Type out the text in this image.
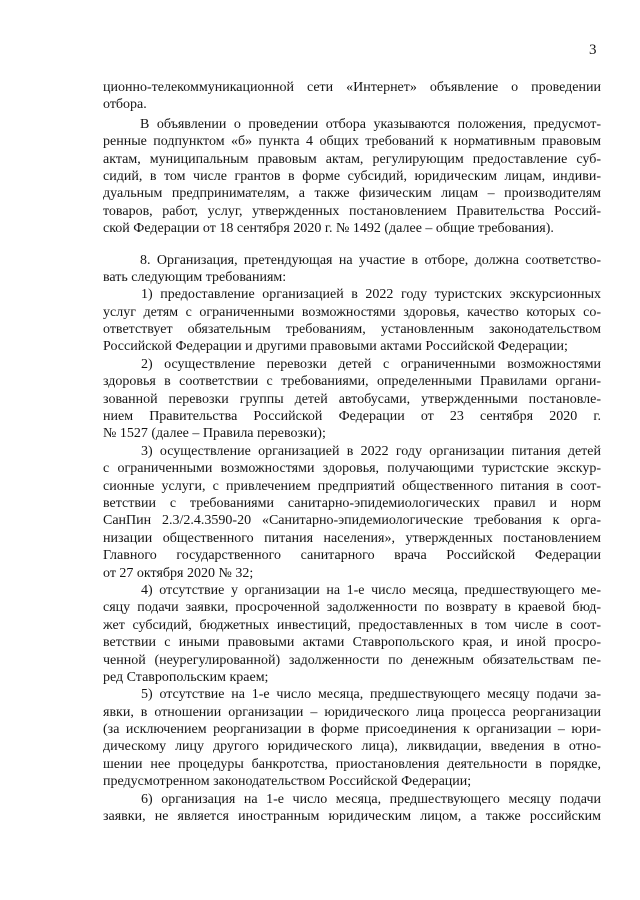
3
ционно-телекоммуникационной сети «Интернет» объявление о проведении
отбора.
В объявлении о проведении отбора указываются положения, предусмот-
ренные подпунктом «б» пункта 4 общих требований к нормативным правовым
актам, муниципальным правовым актам, регулирующим предоставление суб-
сидий, в том числе грантов в форме субсидий, юридическим лицам, индиви-
дуальным предпринимателям, а также физическим лицам – производителям
товаров, работ, услуг, утвержденных постановлением Правительства Россий-
ской Федерации от 18 сентября 2020 г. № 1492 (далее – общие требования).
8. Организация, претендующая на участие в отборе, должна соответство-
вать следующим требованиям:
1) предоставление организацией в 2022 году туристских экскурсионных
услуг детям с ограниченными возможностями здоровья, качество которых со-
ответствует обязательным требованиям, установленным законодательством
Российской Федерации и другими правовыми актами Российской Федерации;
2) осуществление перевозки детей с ограниченными возможностями
здоровья в соответствии с требованиями, определенными Правилами органи-
зованной перевозки группы детей автобусами, утвержденными постановле-
нием Правительства Российской Федерации от 23 сентября 2020 г.
№ 1527 (далее – Правила перевозки);
3) осуществление организацией в 2022 году организации питания детей
с ограниченными возможностями здоровья, получающими туристские экскур-
сионные услуги, с привлечением предприятий общественного питания в соот-
ветствии с требованиями санитарно-эпидемиологических правил и норм
СанПин 2.3/2.4.3590-20 «Санитарно-эпидемиологические требования к орга-
низации общественного питания населения», утвержденных постановлением
Главного государственного санитарного врача Российской Федерации
от 27 октября 2020 № 32;
4) отсутствие у организации на 1-е число месяца, предшествующего ме-
сяцу подачи заявки, просроченной задолженности по возврату в краевой бюд-
жет субсидий, бюджетных инвестиций, предоставленных в том числе в соот-
ветствии с иными правовыми актами Ставропольского края, и иной просро-
ченной (неурегулированной) задолженности по денежным обязательствам пе-
ред Ставропольским краем;
5) отсутствие на 1-е число месяца, предшествующего месяцу подачи за-
явки, в отношении организации – юридического лица процесса реорганизации
(за исключением реорганизации в форме присоединения к организации – юри-
дическому лицу другого юридического лица), ликвидации, введения в отно-
шении нее процедуры банкротства, приостановления деятельности в порядке,
предусмотренном законодательством Российской Федерации;
6) организация на 1-е число месяца, предшествующего месяцу подачи
заявки, не является иностранным юридическим лицом, а также российским
